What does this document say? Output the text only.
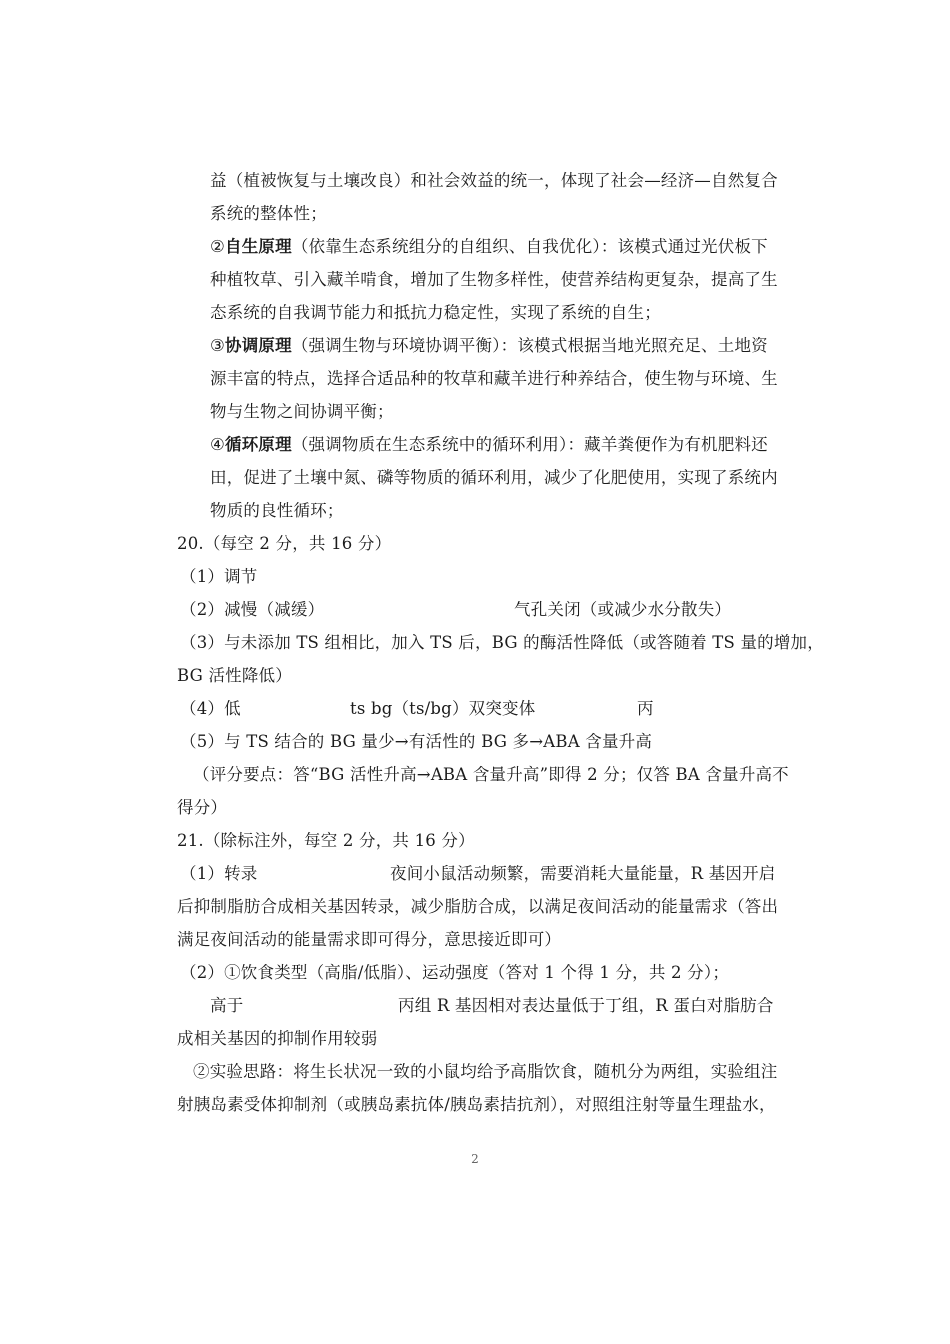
益（植被恢复与土壤改良）和社会效益的统一，体现了社会—经济—自然复合
系统的整体性；
②自生原理（依靠生态系统组分的自组织、自我优化）：该模式通过光伏板下
种植牧草、引入藏羊啃食，增加了生物多样性，使营养结构更复杂，提高了生
态系统的自我调节能力和抵抗力稳定性，实现了系统的自生；
③协调原理（强调生物与环境协调平衡）：该模式根据当地光照充足、土地资
源丰富的特点，选择合适品种的牧草和藏羊进行种养结合，使生物与环境、生
物与生物之间协调平衡；
④循环原理（强调物质在生态系统中的循环利用）：藏羊粪便作为有机肥料还
田，促进了土壤中氮、磷等物质的循环利用，减少了化肥使用，实现了系统内
物质的良性循环；
20.（每空 2 分，共 16 分）
（1）调节
（2）减慢（减缓）	气孔关闭（或减少水分散失）
（3）与未添加 TS 组相比，加入 TS 后，BG 的酶活性降低（或答随着 TS 量的增加，
BG 活性降低）
（4）低	ts bg（ts/bg）双突变体	丙
（5）与 TS 结合的 BG 量少→有活性的 BG 多→ABA 含量升高
（评分要点：答“BG 活性升高→ABA 含量升高”即得 2 分；仅答 BA 含量升高不
得分）
21.（除标注外，每空 2 分，共 16 分）
（1）转录	夜间小鼠活动频繁，需要消耗大量能量，R 基因开启
后抑制脂肪合成相关基因转录，减少脂肪合成，以满足夜间活动的能量需求（答出
满足夜间活动的能量需求即可得分，意思接近即可）
（2）①饮食类型（高脂/低脂）、运动强度（答对 1 个得 1 分，共 2 分）；
高于	丙组 R 基因相对表达量低于丁组，R 蛋白对脂肪合
成相关基因的抑制作用较弱
②实验思路：将生长状况一致的小鼠均给予高脂饮食，随机分为两组，实验组注
射胰岛素受体抑制剂（或胰岛素抗体/胰岛素拮抗剂），对照组注射等量生理盐水，
2
